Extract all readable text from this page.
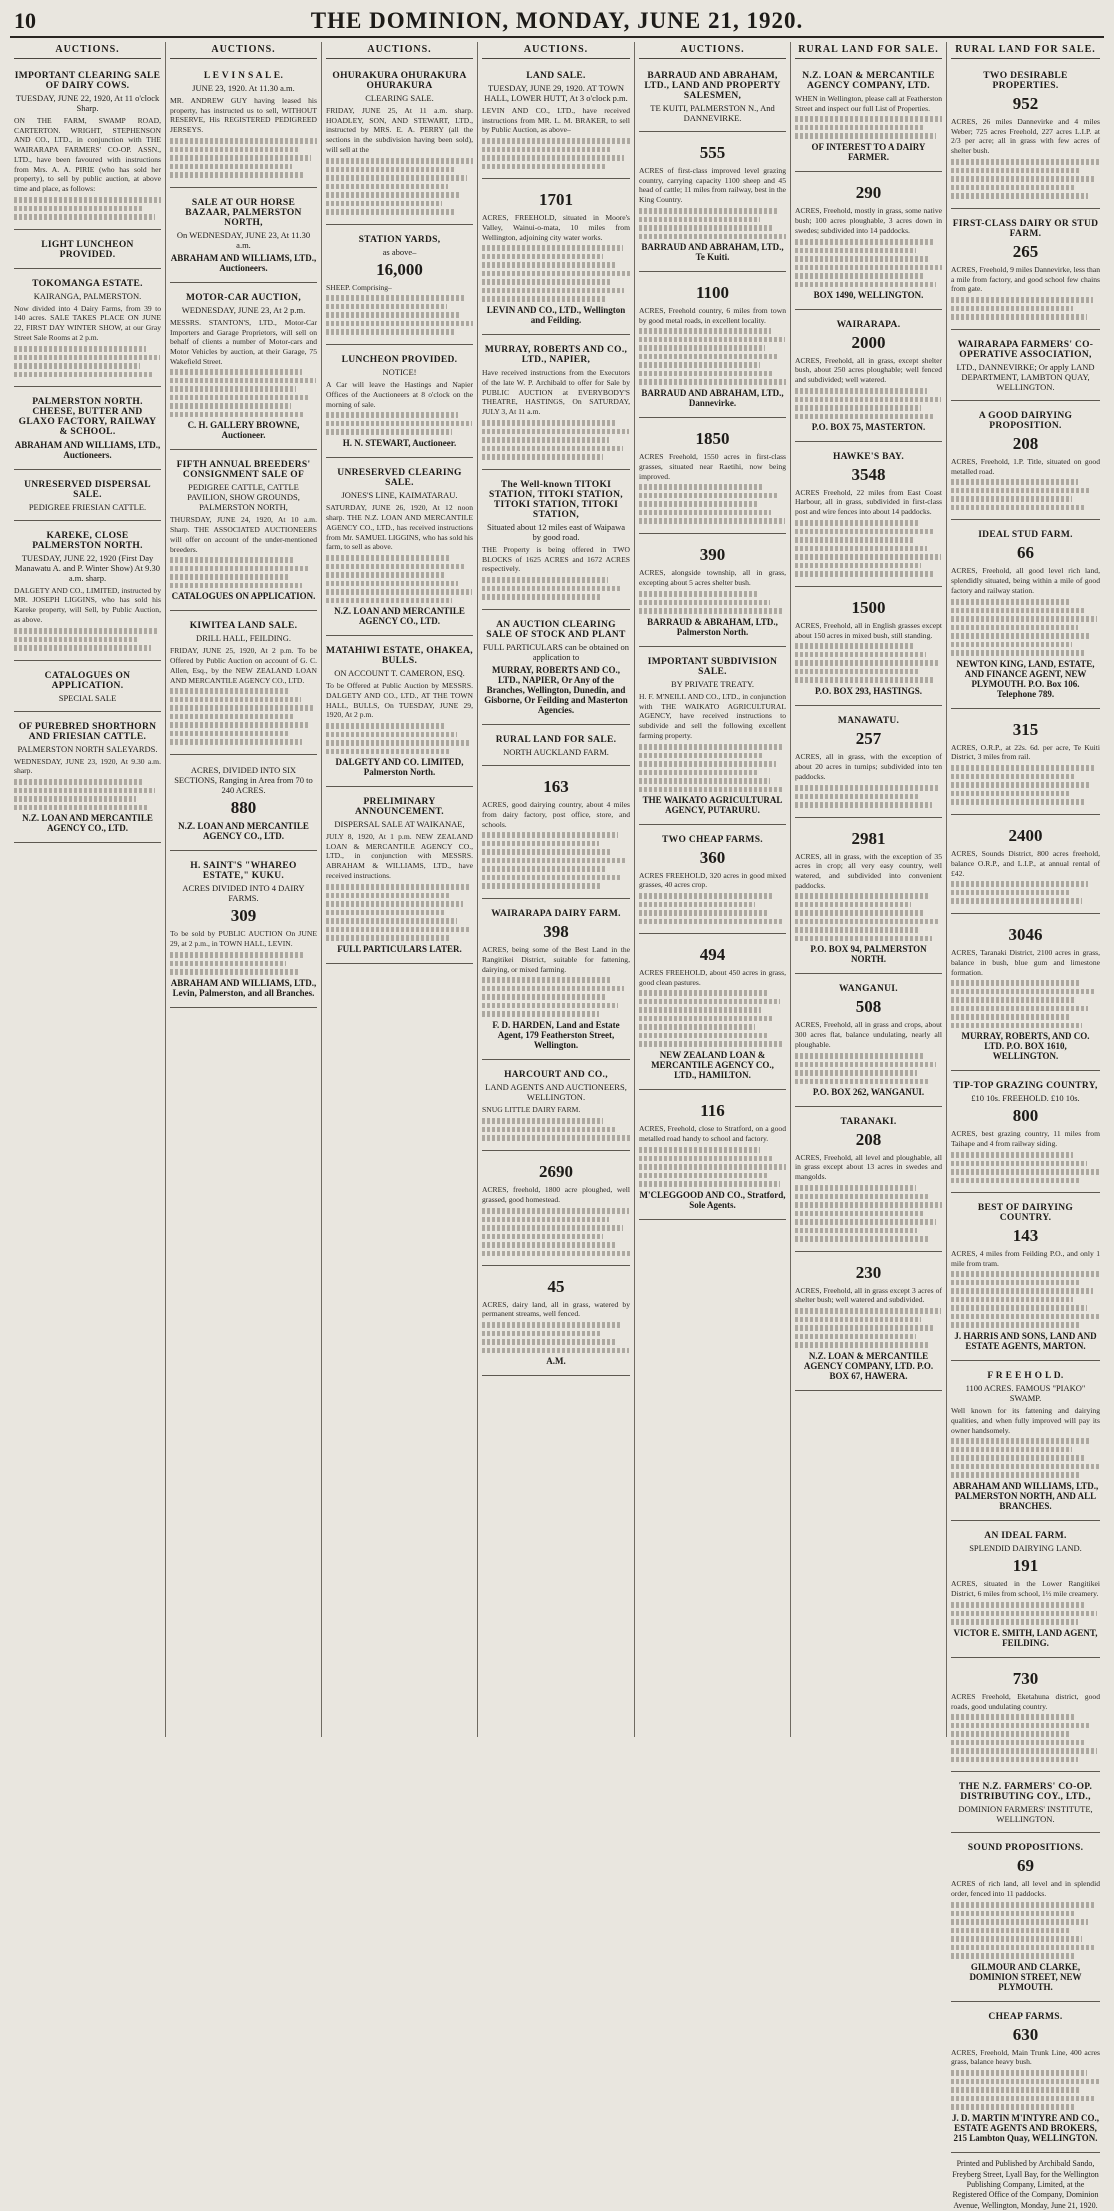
10	THE DOMINION, MONDAY, JUNE 21, 1920.
AUCTIONS.
IMPORTANT CLEARING SALE OF DAIRY COWS.
TUESDAY, JUNE 22, 1920, At 11 o'clock Sharp.
ON THE FARM, SWAMP ROAD, CARTERTON. WRIGHT, STEPHENSON AND CO., LTD., in conjunction with THE WAIRARAPA FARMERS' CO-OP. ASSN., LTD., have been favoured with instructions from Mrs. A. A. PIRIE (who has sold her property), to sell by public auction, at above time and place, as follows:
LIGHT LUNCHEON PROVIDED.
TOKOMANGA ESTATE.
KAIRANGA, PALMERSTON.
Now divided into 4 Dairy Farms, from 39 to 140 acres. SALE TAKES PLACE ON JUNE 22, FIRST DAY WINTER SHOW, at our Gray Street Sale Rooms at 2 p.m.
PALMERSTON NORTH. CHEESE, BUTTER AND GLAXO FACTORY, RAILWAY & SCHOOL.
ABRAHAM AND WILLIAMS, LTD., Auctioneers.
UNRESERVED DISPERSAL SALE.
PEDIGREE FRIESIAN CATTLE.
KAREKE, CLOSE PALMERSTON NORTH.
TUESDAY, JUNE 22, 1920 (First Day Manawatu A. and P. Winter Show) At 9.30 a.m. sharp.
DALGETY AND CO., LIMITED, instructed by MR. JOSEPH LIGGINS, who has sold his Kareke property, will Sell, by Public Auction, as above.
CATALOGUES ON APPLICATION.
SPECIAL SALE
OF PUREBRED SHORTHORN AND FRIESIAN CATTLE.
PALMERSTON NORTH SALEYARDS.
WEDNESDAY, JUNE 23, 1920, At 9.30 a.m. sharp.
N.Z. LOAN AND MERCANTILE AGENCY CO., LTD.
AUCTIONS.
L E V I N S A L E.
JUNE 23, 1920. At 11.30 a.m.
MR. ANDREW GUY having leased his property, has instructed us to sell, WITHOUT RESERVE, His REGISTERED PEDIGREED JERSEYS.
SALE AT OUR HORSE BAZAAR, PALMERSTON NORTH,
On WEDNESDAY, JUNE 23, At 11.30 a.m.
ABRAHAM AND WILLIAMS, LTD., Auctioneers.
MOTOR-CAR AUCTION,
WEDNESDAY, JUNE 23, At 2 p.m.
MESSRS. STANTON'S, LTD., Motor-Car Importers and Garage Proprietors, will sell on behalf of clients a number of Motor-cars and Motor Vehicles by auction, at their Garage, 75 Wakefield Street.
C. H. GALLERY BROWNE, Auctioneer.
FIFTH ANNUAL BREEDERS' CONSIGNMENT SALE OF
PEDIGREE CATTLE, CATTLE PAVILION, SHOW GROUNDS, PALMERSTON NORTH,
THURSDAY, JUNE 24, 1920, At 10 a.m. Sharp. THE ASSOCIATED AUCTIONEERS will offer on account of the under-mentioned breeders.
CATALOGUES ON APPLICATION.
KIWITEA LAND SALE.
DRILL HALL, FEILDING.
FRIDAY, JUNE 25, 1920, At 2 p.m. To be Offered by Public Auction on account of G. C. Allen, Esq., by the NEW ZEALAND LOAN AND MERCANTILE AGENCY CO., LTD.
ACRES, DIVIDED INTO SIX SECTIONS, Ranging in Area from 70 to 240 ACRES.
880
N.Z. LOAN AND MERCANTILE AGENCY CO., LTD.
H. SAINT'S "WHAREO ESTATE," KUKU.
ACRES DIVIDED INTO 4 DAIRY FARMS.
309
To be sold by PUBLIC AUCTION On JUNE 29, at 2 p.m., in TOWN HALL, LEVIN.
ABRAHAM AND WILLIAMS, LTD., Levin, Palmerston, and all Branches.
AUCTIONS.
OHURAKURA OHURAKURA OHURAKURA
CLEARING SALE.
FRIDAY, JUNE 25, At 11 a.m. sharp. HOADLEY, SON, AND STEWART, LTD., instructed by MRS. E. A. PERRY (all the sections in the subdivision having been sold), will sell at the
STATION YARDS,
as above–
16,000
SHEEP. Comprising–
LUNCHEON PROVIDED.
NOTICE!
A Car will leave the Hastings and Napier Offices of the Auctioneers at 8 o'clock on the morning of sale.
H. N. STEWART, Auctioneer.
UNRESERVED CLEARING SALE.
JONES'S LINE, KAIMATARAU.
SATURDAY, JUNE 26, 1920, At 12 noon sharp. THE N.Z. LOAN AND MERCANTILE AGENCY CO., LTD., has received instructions from Mr. SAMUEL LIGGINS, who has sold his farm, to sell as above.
N.Z. LOAN AND MERCANTILE AGENCY CO., LTD.
MATAHIWI ESTATE, OHAKEA, BULLS.
ON ACCOUNT T. CAMERON, ESQ.
To be Offered at Public Auction by MESSRS. DALGETY AND CO., LTD., AT THE TOWN HALL, BULLS, On TUESDAY, JUNE 29, 1920, At 2 p.m.
DALGETY AND CO. LIMITED, Palmerston North.
PRELIMINARY ANNOUNCEMENT.
DISPERSAL SALE AT WAIKANAE,
JULY 8, 1920, At 1 p.m. NEW ZEALAND LOAN & MERCANTILE AGENCY CO., LTD., in conjunction with MESSRS. ABRAHAM & WILLIAMS, LTD., have received instructions.
FULL PARTICULARS LATER.
AUCTIONS.
LAND SALE.
TUESDAY, JUNE 29, 1920. AT TOWN HALL, LOWER HUTT, At 3 o'clock p.m.
LEVIN AND CO., LTD., have received instructions from MR. L. M. BRAKER, to sell by Public Auction, as above–
1701
ACRES, FREEHOLD, situated in Moore's Valley, Wainui-o-mata, 10 miles from Wellington, adjoining city water works.
LEVIN AND CO., LTD., Wellington and Feilding.
MURRAY, ROBERTS AND CO., LTD., NAPIER,
Have received instructions from the Executors of the late W. P. Archibald to offer for Sale by PUBLIC AUCTION at EVERYBODY'S THEATRE, HASTINGS, On SATURDAY, JULY 3, At 11 a.m.
The Well-known TITOKI STATION, TITOKI STATION, TITOKI STATION, TITOKI STATION,
Situated about 12 miles east of Waipawa by good road.
THE Property is being offered in TWO BLOCKS of 1625 ACRES and 1672 ACRES respectively.
AN AUCTION CLEARING SALE OF STOCK AND PLANT
FULL PARTICULARS can be obtained on application to
MURRAY, ROBERTS AND CO., LTD., NAPIER, Or Any of the Branches, Wellington, Dunedin, and Gisborne, Or Feilding and Masterton Agencies.
RURAL LAND FOR SALE.
NORTH AUCKLAND FARM.
163
ACRES, good dairying country, about 4 miles from dairy factory, post office, store, and schools.
WAIRARAPA DAIRY FARM.
398
ACRES, being some of the Best Land in the Rangitikei District, suitable for fattening, dairying, or mixed farming.
F. D. HARDEN, Land and Estate Agent, 179 Featherston Street, Wellington.
HARCOURT AND CO.,
LAND AGENTS AND AUCTIONEERS, WELLINGTON.
SNUG LITTLE DAIRY FARM.
2690
ACRES, freehold, 1800 acre ploughed, well grassed, good homestead.
45
ACRES, dairy land, all in grass, watered by permanent streams, well fenced.
A.M.
AUCTIONS.
BARRAUD AND ABRAHAM, LTD., LAND AND PROPERTY SALESMEN,
TE KUITI, PALMERSTON N., And DANNEVIRKE.
555
ACRES of first-class improved level grazing country, carrying capacity 1100 sheep and 45 head of cattle; 11 miles from railway, best in the King Country.
BARRAUD AND ABRAHAM, LTD., Te Kuiti.
1100
ACRES, Freehold country, 6 miles from town by good metal roads, in excellent locality.
BARRAUD AND ABRAHAM, LTD., Dannevirke.
1850
ACRES Freehold, 1550 acres in first-class grasses, situated near Raetihi, now being improved.
390
ACRES, alongside township, all in grass, excepting about 5 acres shelter bush.
BARRAUD & ABRAHAM, LTD., Palmerston North.
IMPORTANT SUBDIVISION SALE.
BY PRIVATE TREATY.
H. F. M'NEILL AND CO., LTD., in conjunction with THE WAIKATO AGRICULTURAL AGENCY, have received instructions to subdivide and sell the following excellent farming property.
THE WAIKATO AGRICULTURAL AGENCY, PUTARURU.
TWO CHEAP FARMS.
360
ACRES FREEHOLD, 320 acres in good mixed grasses, 40 acres crop.
494
ACRES FREEHOLD, about 450 acres in grass, good clean pastures.
NEW ZEALAND LOAN & MERCANTILE AGENCY CO., LTD., HAMILTON.
116
ACRES, Freehold, close to Stratford, on a good metalled road handy to school and factory.
M'CLEGGOOD AND CO., Stratford, Sole Agents.
RURAL LAND FOR SALE.
N.Z. LOAN & MERCANTILE AGENCY COMPANY, LTD.
WHEN in Wellington, please call at Featherston Street and inspect our full List of Properties.
OF INTEREST TO A DAIRY FARMER.
290
ACRES, Freehold, mostly in grass, some native bush; 100 acres ploughable, 3 acres down in swedes; subdivided into 14 paddocks.
BOX 1490, WELLINGTON.
WAIRARAPA.
2000
ACRES, Freehold, all in grass, except shelter bush, about 250 acres ploughable; well fenced and subdivided; well watered.
P.O. BOX 75, MASTERTON.
HAWKE'S BAY.
3548
ACRES Freehold, 22 miles from East Coast Harbour, all in grass, subdivided in first-class post and wire fences into about 14 paddocks.
1500
ACRES, Freehold, all in English grasses except about 150 acres in mixed bush, still standing.
P.O. BOX 293, HASTINGS.
MANAWATU.
257
ACRES, all in grass, with the exception of about 20 acres in turnips; subdivided into ten paddocks.
2981
ACRES, all in grass, with the exception of 35 acres in crop; all very easy country, well watered, and subdivided into convenient paddocks.
P.O. BOX 94, PALMERSTON NORTH.
WANGANUI.
508
ACRES, Freehold, all in grass and crops, about 300 acres flat, balance undulating, nearly all ploughable.
P.O. BOX 262, WANGANUI.
TARANAKI.
208
ACRES, Freehold, all level and ploughable, all in grass except about 13 acres in swedes and mangolds.
230
ACRES, Freehold, all in grass except 3 acres of shelter bush; well watered and subdivided.
N.Z. LOAN & MERCANTILE AGENCY COMPANY, LTD. P.O. BOX 67, HAWERA.
RURAL LAND FOR SALE.
TWO DESIRABLE PROPERTIES.
952
ACRES, 26 miles Dannevirke and 4 miles Weber; 725 acres Freehold, 227 acres L.I.P. at 2/3 per acre; all in grass with few acres of shelter bush.
FIRST-CLASS DAIRY OR STUD FARM.
265
ACRES, Freehold, 9 miles Dannevirke, less than a mile from factory, and good school few chains from gate.
WAIRARAPA FARMERS' CO-OPERATIVE ASSOCIATION,
LTD., DANNEVIRKE; Or apply LAND DEPARTMENT, LAMBTON QUAY, WELLINGTON.
A GOOD DAIRYING PROPOSITION.
208
ACRES, Freehold, 1.P. Title, situated on good metalled road.
IDEAL STUD FARM.
66
ACRES, Freehold, all good level rich land, splendidly situated, being within a mile of good factory and railway station.
NEWTON KING, LAND, ESTATE, AND FINANCE AGENT, NEW PLYMOUTH. P.O. Box 106. Telephone 789.
315
ACRES, O.R.P., at 22s. 6d. per acre, Te Kuiti District, 3 miles from rail.
2400
ACRES, Sounds District, 800 acres freehold, balance O.R.P., and L.I.P., at annual rental of £42.
3046
ACRES, Taranaki District, 2100 acres in grass, balance in bush, blue gum and limestone formation.
MURRAY, ROBERTS, AND CO. LTD. P.O. BOX 1610, WELLINGTON.
TIP-TOP GRAZING COUNTRY,
£10 10s. FREEHOLD. £10 10s.
800
ACRES, best grazing country, 11 miles from Taihape and 4 from railway siding.
BEST OF DAIRYING COUNTRY.
143
ACRES, 4 miles from Feilding P.O., and only 1 mile from tram.
J. HARRIS AND SONS, LAND AND ESTATE AGENTS, MARTON.
F R E E H O L D.
1100 ACRES. FAMOUS "PIAKO" SWAMP.
Well known for its fattening and dairying qualities, and when fully improved will pay its owner handsomely.
ABRAHAM AND WILLIAMS, LTD., PALMERSTON NORTH, AND ALL BRANCHES.
AN IDEAL FARM.
SPLENDID DAIRYING LAND.
191
ACRES, situated in the Lower Rangitikei District, 6 miles from school, 1½ mile creamery.
VICTOR E. SMITH, LAND AGENT, FEILDING.
730
ACRES Freehold, Eketahuna district, good roads, good undulating country.
THE N.Z. FARMERS' CO-OP. DISTRIBUTING COY., LTD.,
DOMINION FARMERS' INSTITUTE, WELLINGTON.
SOUND PROPOSITIONS.
69
ACRES of rich land, all level and in splendid order, fenced into 11 paddocks.
GILMOUR AND CLARKE, DOMINION STREET, NEW PLYMOUTH.
CHEAP FARMS.
630
ACRES, Freehold, Main Trunk Line, 400 acres grass, balance heavy bush.
J. D. MARTIN M'INTYRE AND CO., ESTATE AGENTS AND BROKERS, 215 Lambton Quay, WELLINGTON.
Printed and Published by Archibald Sando, Freyberg Street, Lyall Bay, for the Wellington Publishing Company, Limited, at the Registered Office of the Company, Dominion Avenue, Wellington, Monday, June 21, 1920.
